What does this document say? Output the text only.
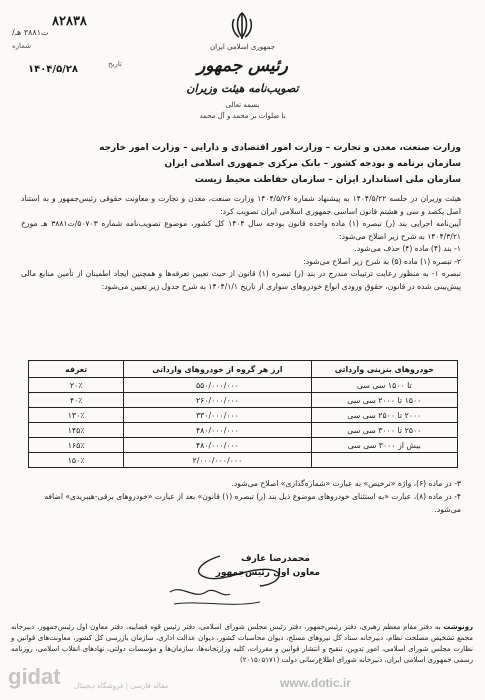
جمهوری اسلامی ایران
رئیس جمهور
تصویب‌نامه هیئت وزیران
بسمه تعالی
با صلوات بر محمد و آل محمد
۸۲۸۳۸
/ت۳۸۸۱ هـ
شماره
تاریخ
۱۴۰۴/۵/۲۸
وزارت صنعت، معدن و تجارت – وزارت امور اقتصادی و دارایی – وزارت امور خارجه
سازمان برنامه و بودجه کشور – بانک مرکزی جمهوری اسلامی ایران
سازمان ملی استاندارد ایران – سازمان حفاظت محیط زیست

هیئت وزیران در جلسه ۱۴۰۴/۵/۲۲ به پیشنهاد شماره ۱۴۰۴/۵/۲۶ وزارت صنعت، معدن و تجارت و معاونت حقوقی رئیس‌جمهور و به استناد اصل یکصد و سی و هشتم قانون اساسی جمهوری اسلامی ایران تصویب کرد:

آیین‌نامه اجرایی بند (ر) تبصره (۱) ماده واحده قانون بودجه سال ۱۴۰۴ کل کشور، موضوع تصویب‌نامه شماره ۵۰۷۰۳/ت۳۸۸۱ هـ مورخ ۱۴۰۴/۳/۲۱ به شرح زیر اصلاح می‌شود:

۱- بند (۴) ماده (۴) حذف می‌شود.

۲- تبصره (۱) ماده (۵) به شرح زیر اصلاح می‌شود:

تبصره ۱- به منظور رعایت ترتیبات مندرج در بند (ر) تبصره (۱) قانون از حیث تعیین تعرفه‌ها و همچنین ایجاد اطمینان از تأمین منابع مالی پیش‌بینی شده در قانون، حقوق ورودی انواع خودروهای سواری از تاریخ ۱۴۰۴/۱/۱ به شرح جدول زیر تعیین می‌شود:

خودروهای بنزینی وارداتی	ارز هر گروه از خودروهای وارداتی	تعرفه
تا ۱۵۰۰ سی سی	۵۵۰/۰۰۰/۰۰۰	۲۰٪
۱۵۰۰ تا ۲۰۰۰ سی سی	۲۶۰/۰۰۰/۰۰۰	۴۰٪
۲۰۰۰ تا ۲۵۰۰ سی سی	۳۳۰/۰۰۰/۰۰۰	۱۳۰٪
۲۵۰۰ تا ۳۰۰۰ سی سی	۴۸۰/۰۰۰/۰۰۰	۱۴۵٪
بیش از ۳۰۰۰ سی سی	۴۸۰/۰۰۰/۰۰۰	۱۶۵٪
	۲/۰۰۰/۰۰۰/۰۰۰	۱۵۰٪

۳- در ماده (۶)، واژه «ترخیص» به عبارت «شماره‌گذاری» اصلاح می‌شود.

۴- در ماده (۸)، عبارت «به استثنای خودروهای موضوع ذیل بند (ر) تبصره (۱) قانون» بعد از عبارت «خودروهای برقی-هیبریدی» اضافه می‌شود.

محمدرضا عارف
معاون اول رئیس‌جمهور
رونوشت به دفتر مقام معظم رهبری، دفتر رئیس‌جمهور، دفتر رئیس مجلس شورای اسلامی، دفتر رئیس قوه قضاییه، دفتر معاون اول رئیس‌جمهور، دبیرخانه مجمع تشخیص مصلحت نظام، دبیرخانه ستاد کل نیروهای مسلح، دیوان محاسبات کشور، دیوان عدالت اداری، سازمان بازرسی کل کشور، معاونت‌های قوانین و نظارت مجلس شورای اسلامی، امور تدوین، تنقیح و انتشار قوانین و مقررات، کلیه وزارتخانه‌ها، سازمان‌ها و مؤسسات دولتی، نهادهای انقلاب اسلامی، روزنامه رسمی جمهوری اسلامی ایران، دبیرخانه شورای اطلاع‌رسانی دولت (۲۰۱۵۰۵۱۷۱)
gidat مقاله فارسی | فروشگاه دیجیتال	www.dotic.ir
